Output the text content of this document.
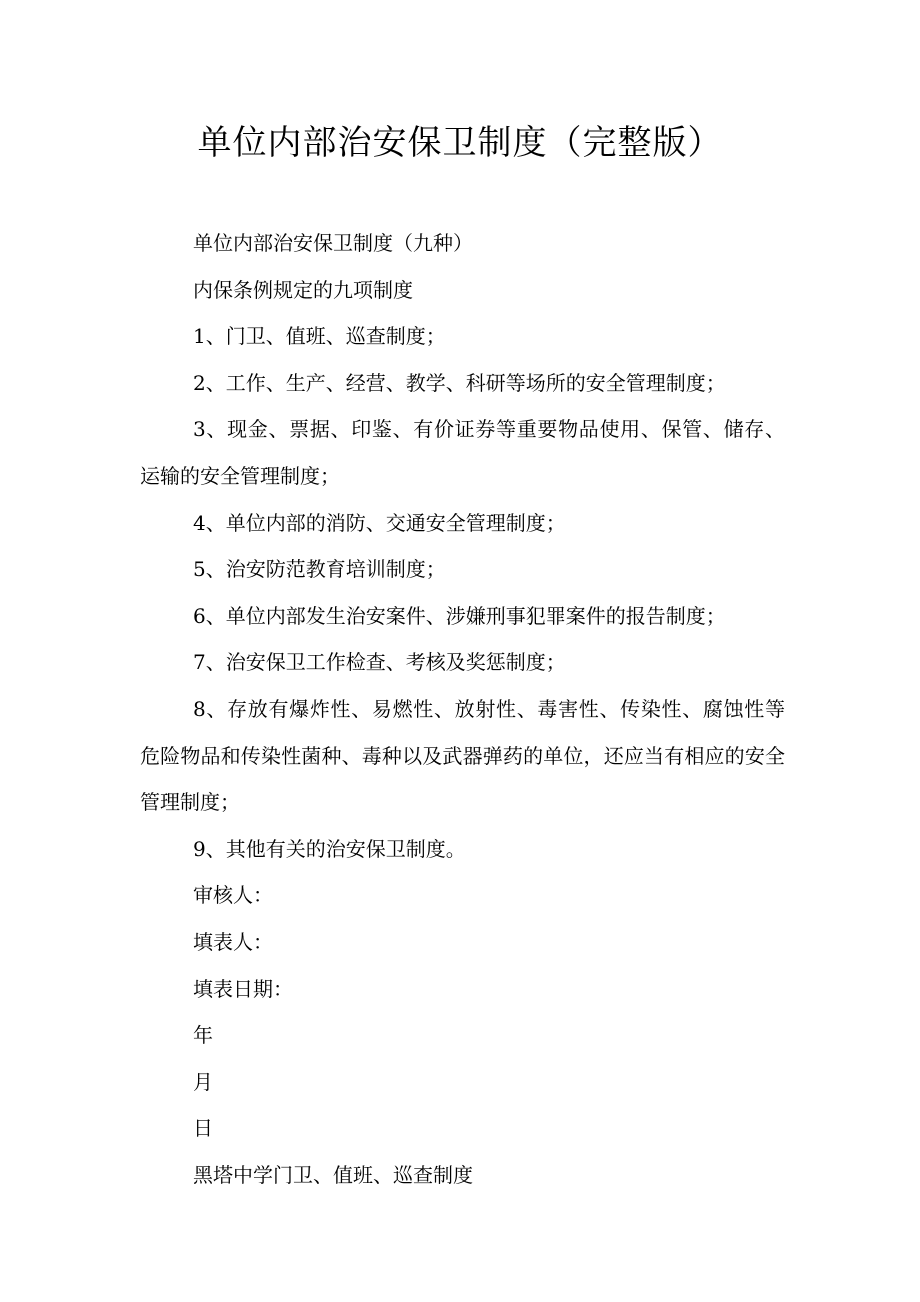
单位内部治安保卫制度（完整版）

单位内部治安保卫制度（九种）

内保条例规定的九项制度

1、门卫、值班、巡查制度；

2、工作、生产、经营、教学、科研等场所的安全管理制度；

3、现金、票据、印鉴、有价证券等重要物品使用、保管、储存、运输的安全管理制度；

4、单位内部的消防、交通安全管理制度；

5、治安防范教育培训制度；

6、单位内部发生治安案件、涉嫌刑事犯罪案件的报告制度；

7、治安保卫工作检查、考核及奖惩制度；

8、存放有爆炸性、易燃性、放射性、毒害性、传染性、腐蚀性等危险物品和传染性菌种、毒种以及武器弹药的单位，还应当有相应的安全管理制度；

9、其他有关的治安保卫制度。

审核人：

填表人：

填表日期：

年

月

日

黑塔中学门卫、值班、巡查制度
